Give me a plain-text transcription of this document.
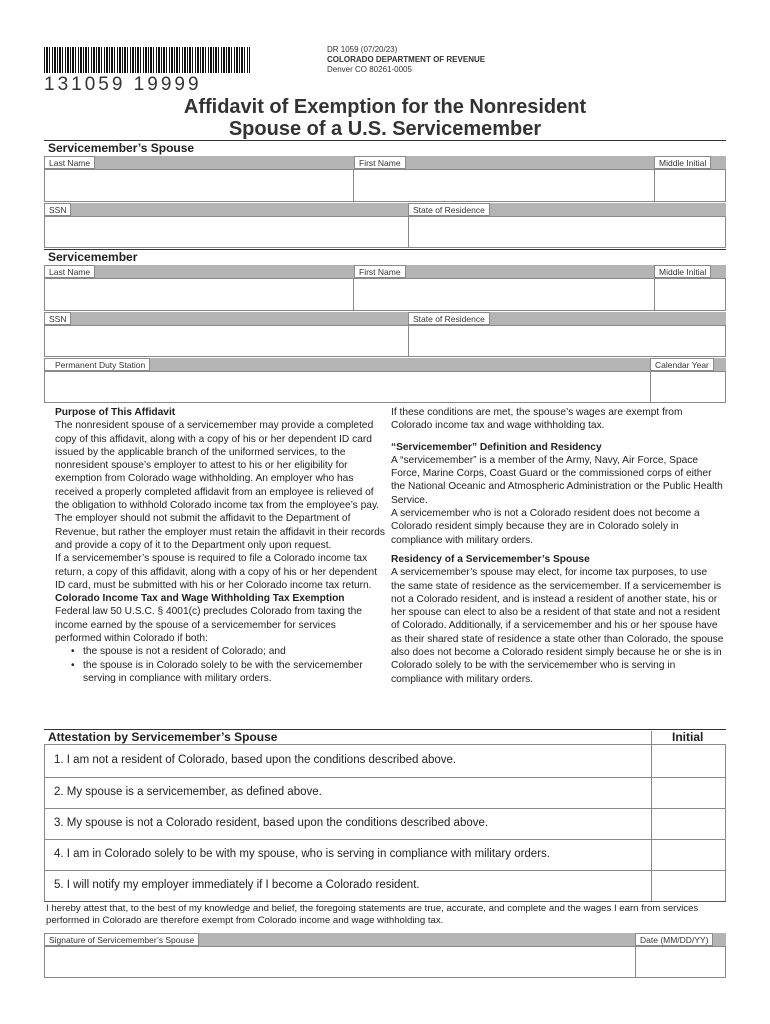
131059 19999
DR 1059 (07/20/23)
COLORADO DEPARTMENT OF REVENUE
Denver CO 80261-0005
Affidavit of Exemption for the Nonresident
Spouse of a U.S. Servicemember
Servicemember’s Spouse
Last Name	First Name	Middle Initial
SSN	State of Residence
Servicemember
Last Name	First Name	Middle Initial
SSN	State of Residence
Permanent Duty Station	Calendar Year
Purpose of This Affidavit
The nonresident spouse of a servicemember may provide a completed copy of this affidavit, along with a copy of his or her dependent ID card issued by the applicable branch of the uniformed services, to the nonresident spouse’s employer to attest to his or her eligibility for exemption from Colorado wage withholding. An employer who has received a properly completed affidavit from an employee is relieved of the obligation to withhold Colorado income tax from the employee’s pay. The employer should not submit the affidavit to the Department of Revenue, but rather the employer must retain the affidavit in their records and provide a copy of it to the Department only upon request.
If a servicemember’s spouse is required to file a Colorado income tax return, a copy of this affidavit, along with a copy of his or her dependent ID card, must be submitted with his or her Colorado income tax return.
Colorado Income Tax and Wage Withholding Tax Exemption
Federal law 50 U.S.C. § 4001(c) precludes Colorado from taxing the income earned by the spouse of a servicemember for services performed within Colorado if both:
• the spouse is not a resident of Colorado; and
• the spouse is in Colorado solely to be with the servicemember serving in compliance with military orders.
If these conditions are met, the spouse’s wages are exempt from Colorado income tax and wage withholding tax.
“Servicemember” Definition and Residency
A “servicemember” is a member of the Army, Navy, Air Force, Space Force, Marine Corps, Coast Guard or the commissioned corps of either the National Oceanic and Atmospheric Administration or the Public Health Service.
A servicemember who is not a Colorado resident does not become a Colorado resident simply because they are in Colorado solely in compliance with military orders.
Residency of a Servicemember’s Spouse
A servicemember’s spouse may elect, for income tax purposes, to use the same state of residence as the servicemember. If a servicemember is not a Colorado resident, and is instead a resident of another state, his or her spouse can elect to also be a resident of that state and not a resident of Colorado. Additionally, if a servicemember and his or her spouse have as their shared state of residence a state other than Colorado, the spouse also does not become a Colorado resident simply because he or she is in Colorado solely to be with the servicemember who is serving in compliance with military orders.
Attestation by Servicemember’s Spouse	Initial
1. I am not a resident of Colorado, based upon the conditions described above.
2. My spouse is a servicemember, as defined above.
3. My spouse is not a Colorado resident, based upon the conditions described above.
4. I am in Colorado solely to be with my spouse, who is serving in compliance with military orders.
5. I will notify my employer immediately if I become a Colorado resident.
I hereby attest that, to the best of my knowledge and belief, the foregoing statements are true, accurate, and complete and the wages I earn from services performed in Colorado are therefore exempt from Colorado income and wage withholding tax.
Signature of Servicemember’s Spouse	Date (MM/DD/YY)
